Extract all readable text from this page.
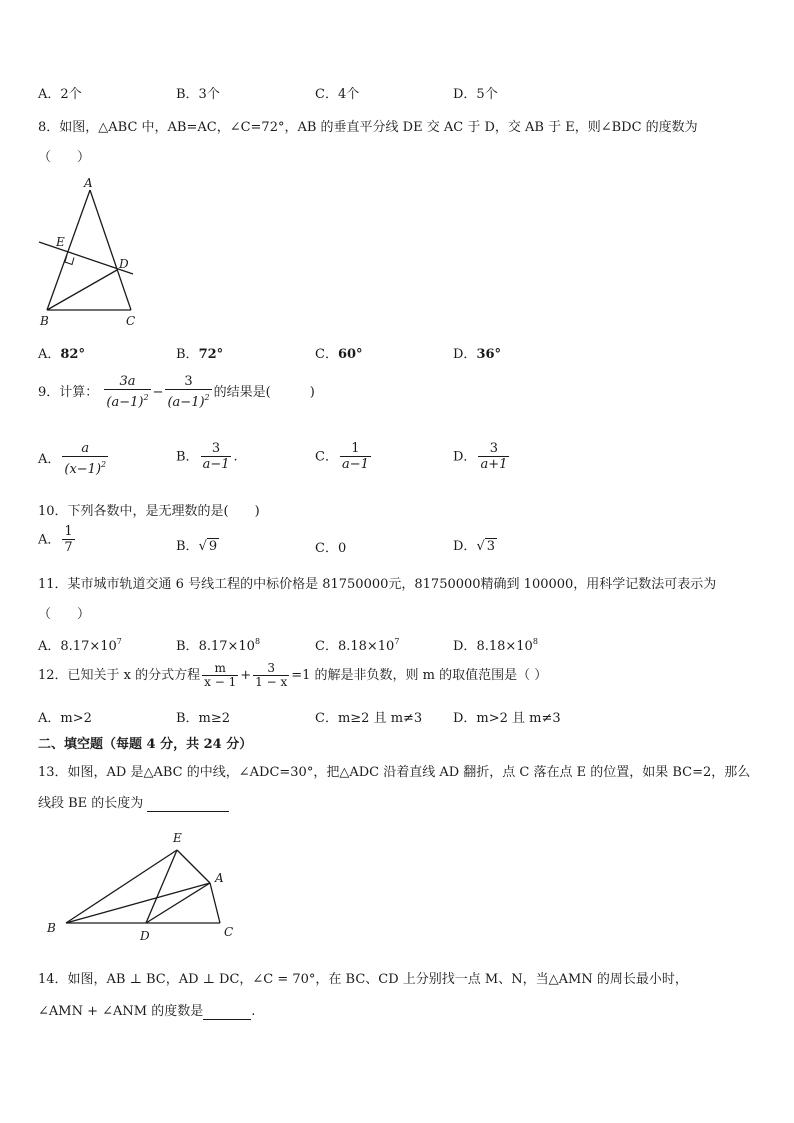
A．2个	B．3个	C．4个	D．5个
8．如图，△ABC 中，AB=AC，∠C=72°，AB 的垂直平分线 DE 交 AC 于 D，交 AB 于 E，则∠BDC 的度数为
（　　）
A
E
D
B	C
A．82°	B．72°	C．60°	D．36°
9．计算： $\frac{3a}{(a-1)^2} - \frac{3}{(a-1)^2}$ 的结果是(　　　)
A． $\frac{a}{(x-1)^2}$	B． $\frac{3}{a-1}$ .	C． $\frac{1}{a-1}$	D． $\frac{3}{a+1}$
10．下列各数中，是无理数的是(　　)
A． $\frac{1}{7}$	B．√ 9	C．0	D．√ 3
11．某市城市轨道交通 6 号线工程的中标价格是 81750000元，81750000精确到 100000，用科学记数法可表示为
（　　）
A．$8.17\times 10^7$	B．$8.17\times 10^8$	C．$8.18\times 10^7$	D．$8.18\times 10^8$
12．已知关于 x 的分式方程 $\frac{m}{x - 1} + \frac{3}{1 - x} =1$ 的解是非负数，则 m 的取值范围是（ ）
A．m>2	B．m≥2	C．m≥2 且 m≠3 D．m>2 且 m≠3
二、填空题（每题 4 分，共 24 分）
13．如图，AD 是△ABC 的中线，∠ADC=30°，把△ADC 沿着直线 AD 翻折，点 C 落在点 E 的位置，如果 BC=2，那么
线段 BE 的长度为
E
A
B
D	C
14．如图，AB ⊥ BC，AD ⊥ DC，∠C = 70°，在 BC、CD 上分别找一点 M、N，当△AMN 的周长最小时，
∠AMN + ∠ANM 的度数是	.
